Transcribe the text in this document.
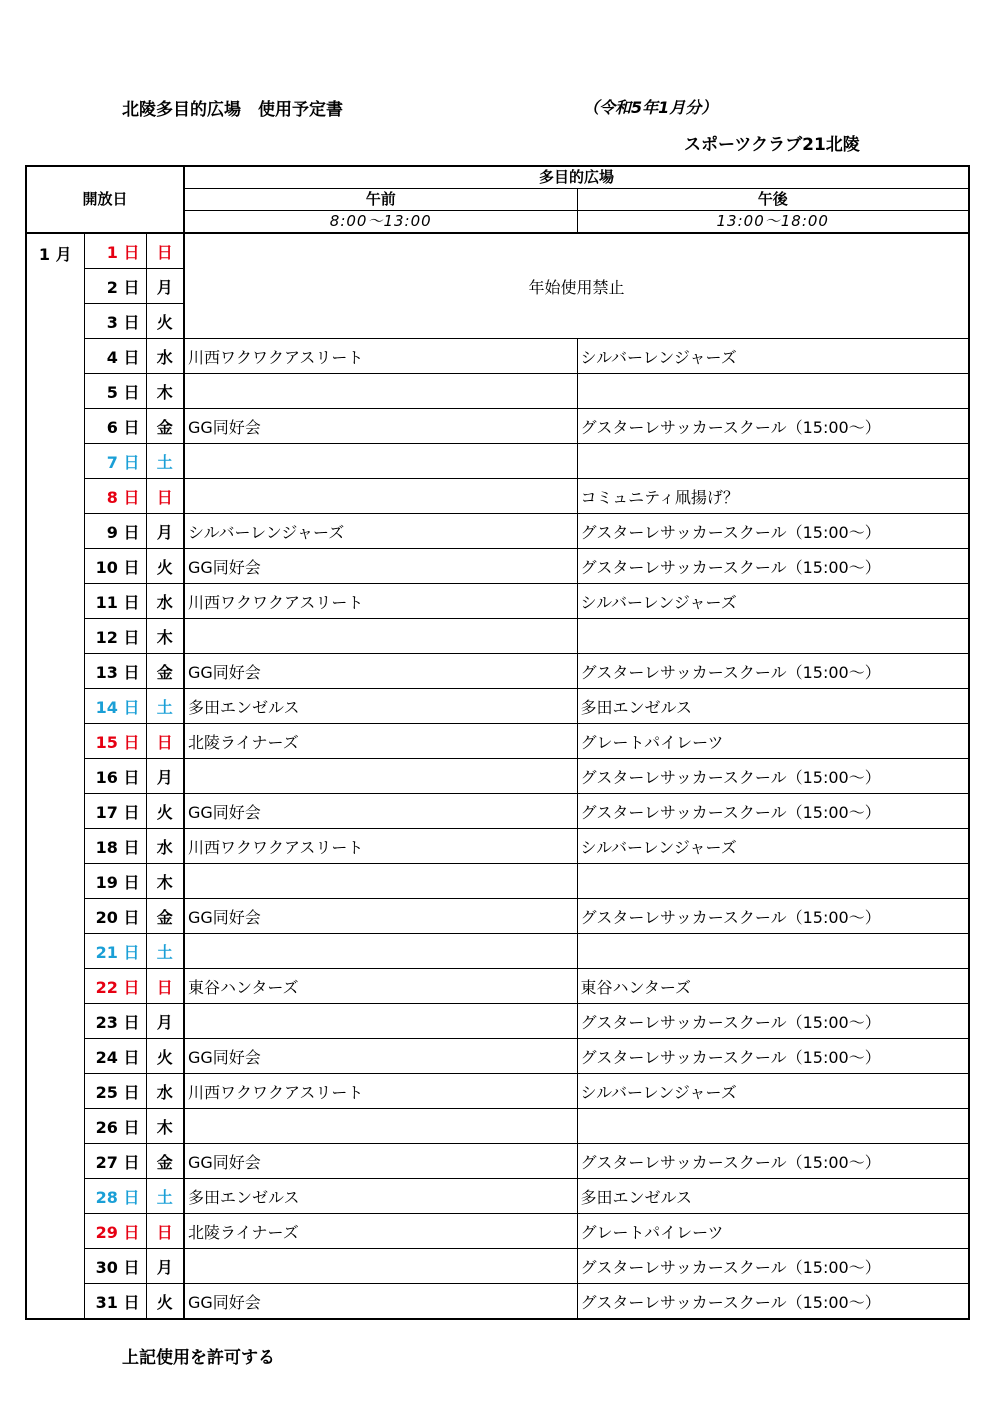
北陵多目的広場　使用予定書	（令和5年1月分）
スポーツクラブ21北陵
開放日			多目的広場	
			午前	午後
			8:00～13:00	13:00～18:00
1 月	1 日	日	年始使用禁止	
	2 日	月		
	3 日	火		
	4 日	水	川西ワクワクアスリート	シルバーレンジャーズ
	5 日	木		
	6 日	金	GG同好会	グスターレサッカースクール（15:00～）
	7 日	土		
	8 日	日		コミュニティ凧揚げ？
	9 日	月	シルバーレンジャーズ	グスターレサッカースクール（15:00～）
	10 日	火	GG同好会	グスターレサッカースクール（15:00～）
	11 日	水	川西ワクワクアスリート	シルバーレンジャーズ
	12 日	木		
	13 日	金	GG同好会	グスターレサッカースクール（15:00～）
	14 日	土	多田エンゼルス	多田エンゼルス
	15 日	日	北陵ライナーズ	グレートパイレーツ
	16 日	月		グスターレサッカースクール（15:00～）
	17 日	火	GG同好会	グスターレサッカースクール（15:00～）
	18 日	水	川西ワクワクアスリート	シルバーレンジャーズ
	19 日	木		
	20 日	金	GG同好会	グスターレサッカースクール（15:00～）
	21 日	土		
	22 日	日	東谷ハンターズ	東谷ハンターズ
	23 日	月		グスターレサッカースクール（15:00～）
	24 日	火	GG同好会	グスターレサッカースクール（15:00～）
	25 日	水	川西ワクワクアスリート	シルバーレンジャーズ
	26 日	木		
	27 日	金	GG同好会	グスターレサッカースクール（15:00～）
	28 日	土	多田エンゼルス	多田エンゼルス
	29 日	日	北陵ライナーズ	グレートパイレーツ
	30 日	月		グスターレサッカースクール（15:00～）
	31 日	火	GG同好会	グスターレサッカースクール（15:00～）
上記使用を許可する
